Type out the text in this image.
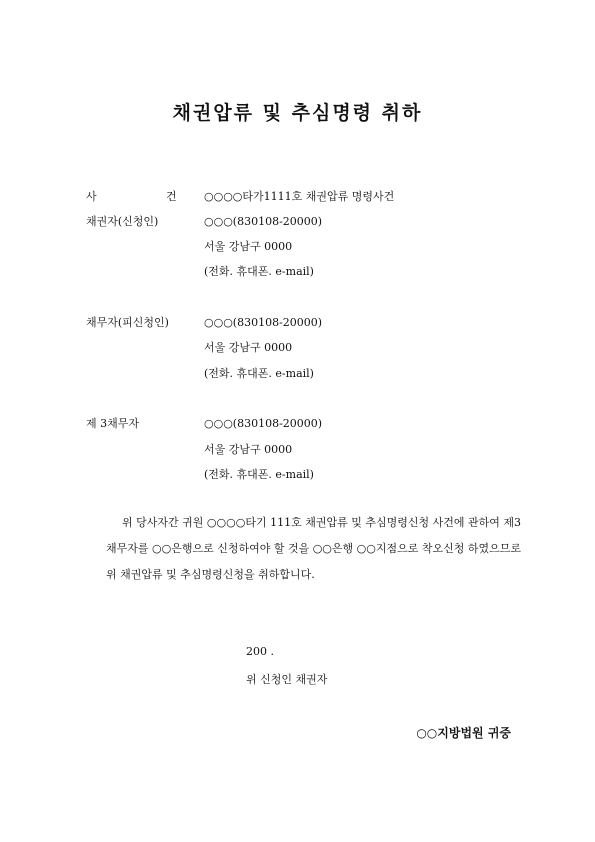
채권압류 및 추심명령 취하
사	건 ○○○○타가1111호 채권압류 명령사건
채권자(신청인)	○○○(830108-20000)
서울 강남구 0000
(전화. 휴대폰. e-mail)
채무자(피신청인)	○○○(830108-20000)
서울 강남구 0000
(전화. 휴대폰. e-mail)
제 3채무자	○○○(830108-20000)
서울 강남구 0000
(전화. 휴대폰. e-mail)

위 당사자간 귀원 ○○○○타기 111호 채권압류 및 추심명령신청 사건에 관하여 제3채무자를 ○○은행으로 신청하여야 할 것을 ○○은행 ○○지점으로 착오신청 하였으므로 위 채권압류 및 추심명령신청을 취하합니다.

200 .
위 신청인 채권자
○○지방법원 귀중
